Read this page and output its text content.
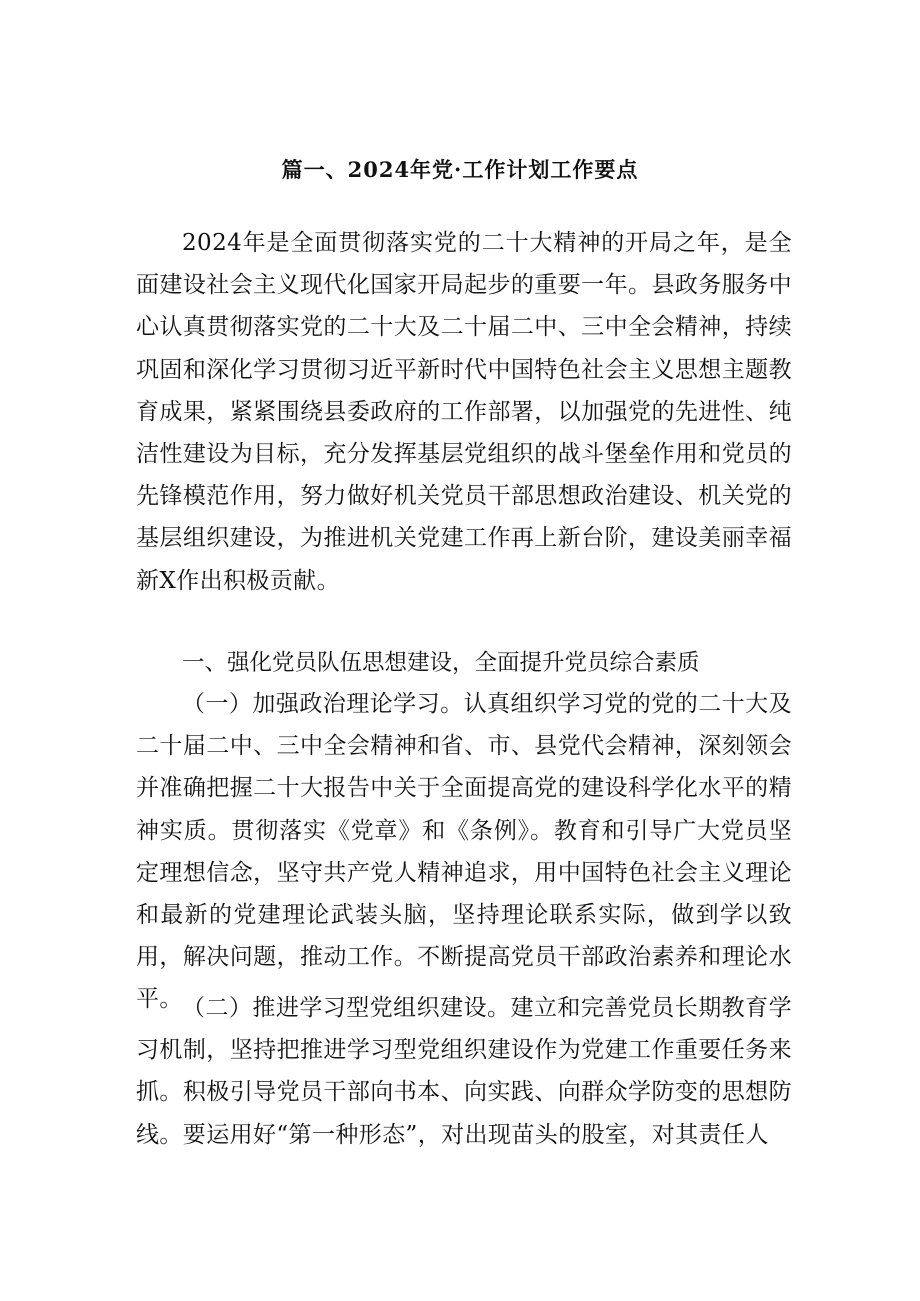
篇一、2024年党·工作计划工作要点

2024年是全面贯彻落实党的二十大精神的开局之年，是全面建设社会主义现代化国家开局起步的重要一年。县政务服务中心认真贯彻落实党的二十大及二十届二中、三中全会精神，持续巩固和深化学习贯彻习近平新时代中国特色社会主义思想主题教育成果，紧紧围绕县委政府的工作部署，以加强党的先进性、纯洁性建设为目标，充分发挥基层党组织的战斗堡垒作用和党员的先锋模范作用，努力做好机关党员干部思想政治建设、机关党的基层组织建设，为推进机关党建工作再上新台阶，建设美丽幸福新X作出积极贡献。

一、强化党员队伍思想建设，全面提升党员综合素质

（一）加强政治理论学习。认真组织学习党的党的二十大及二十届二中、三中全会精神和省、市、县党代会精神，深刻领会并准确把握二十大报告中关于全面提高党的建设科学化水平的精神实质。贯彻落实《党章》和《条例》。教育和引导广大党员坚定理想信念，坚守共产党人精神追求，用中国特色社会主义理论和最新的党建理论武装头脑，坚持理论联系实际，做到学以致用，解决问题，推动工作。不断提高党员干部政治素养和理论水平。 （二）推进学习型党组织建设。建立和完善党员长期教育学习机制，坚持把推进学习型党组织建设作为党建工作重要任务来抓。积极引导党员干部向书本、向实践、向群众学防变的思想防线。要运用好“第一种形态”，对出现苗头的股室，对其责任人
